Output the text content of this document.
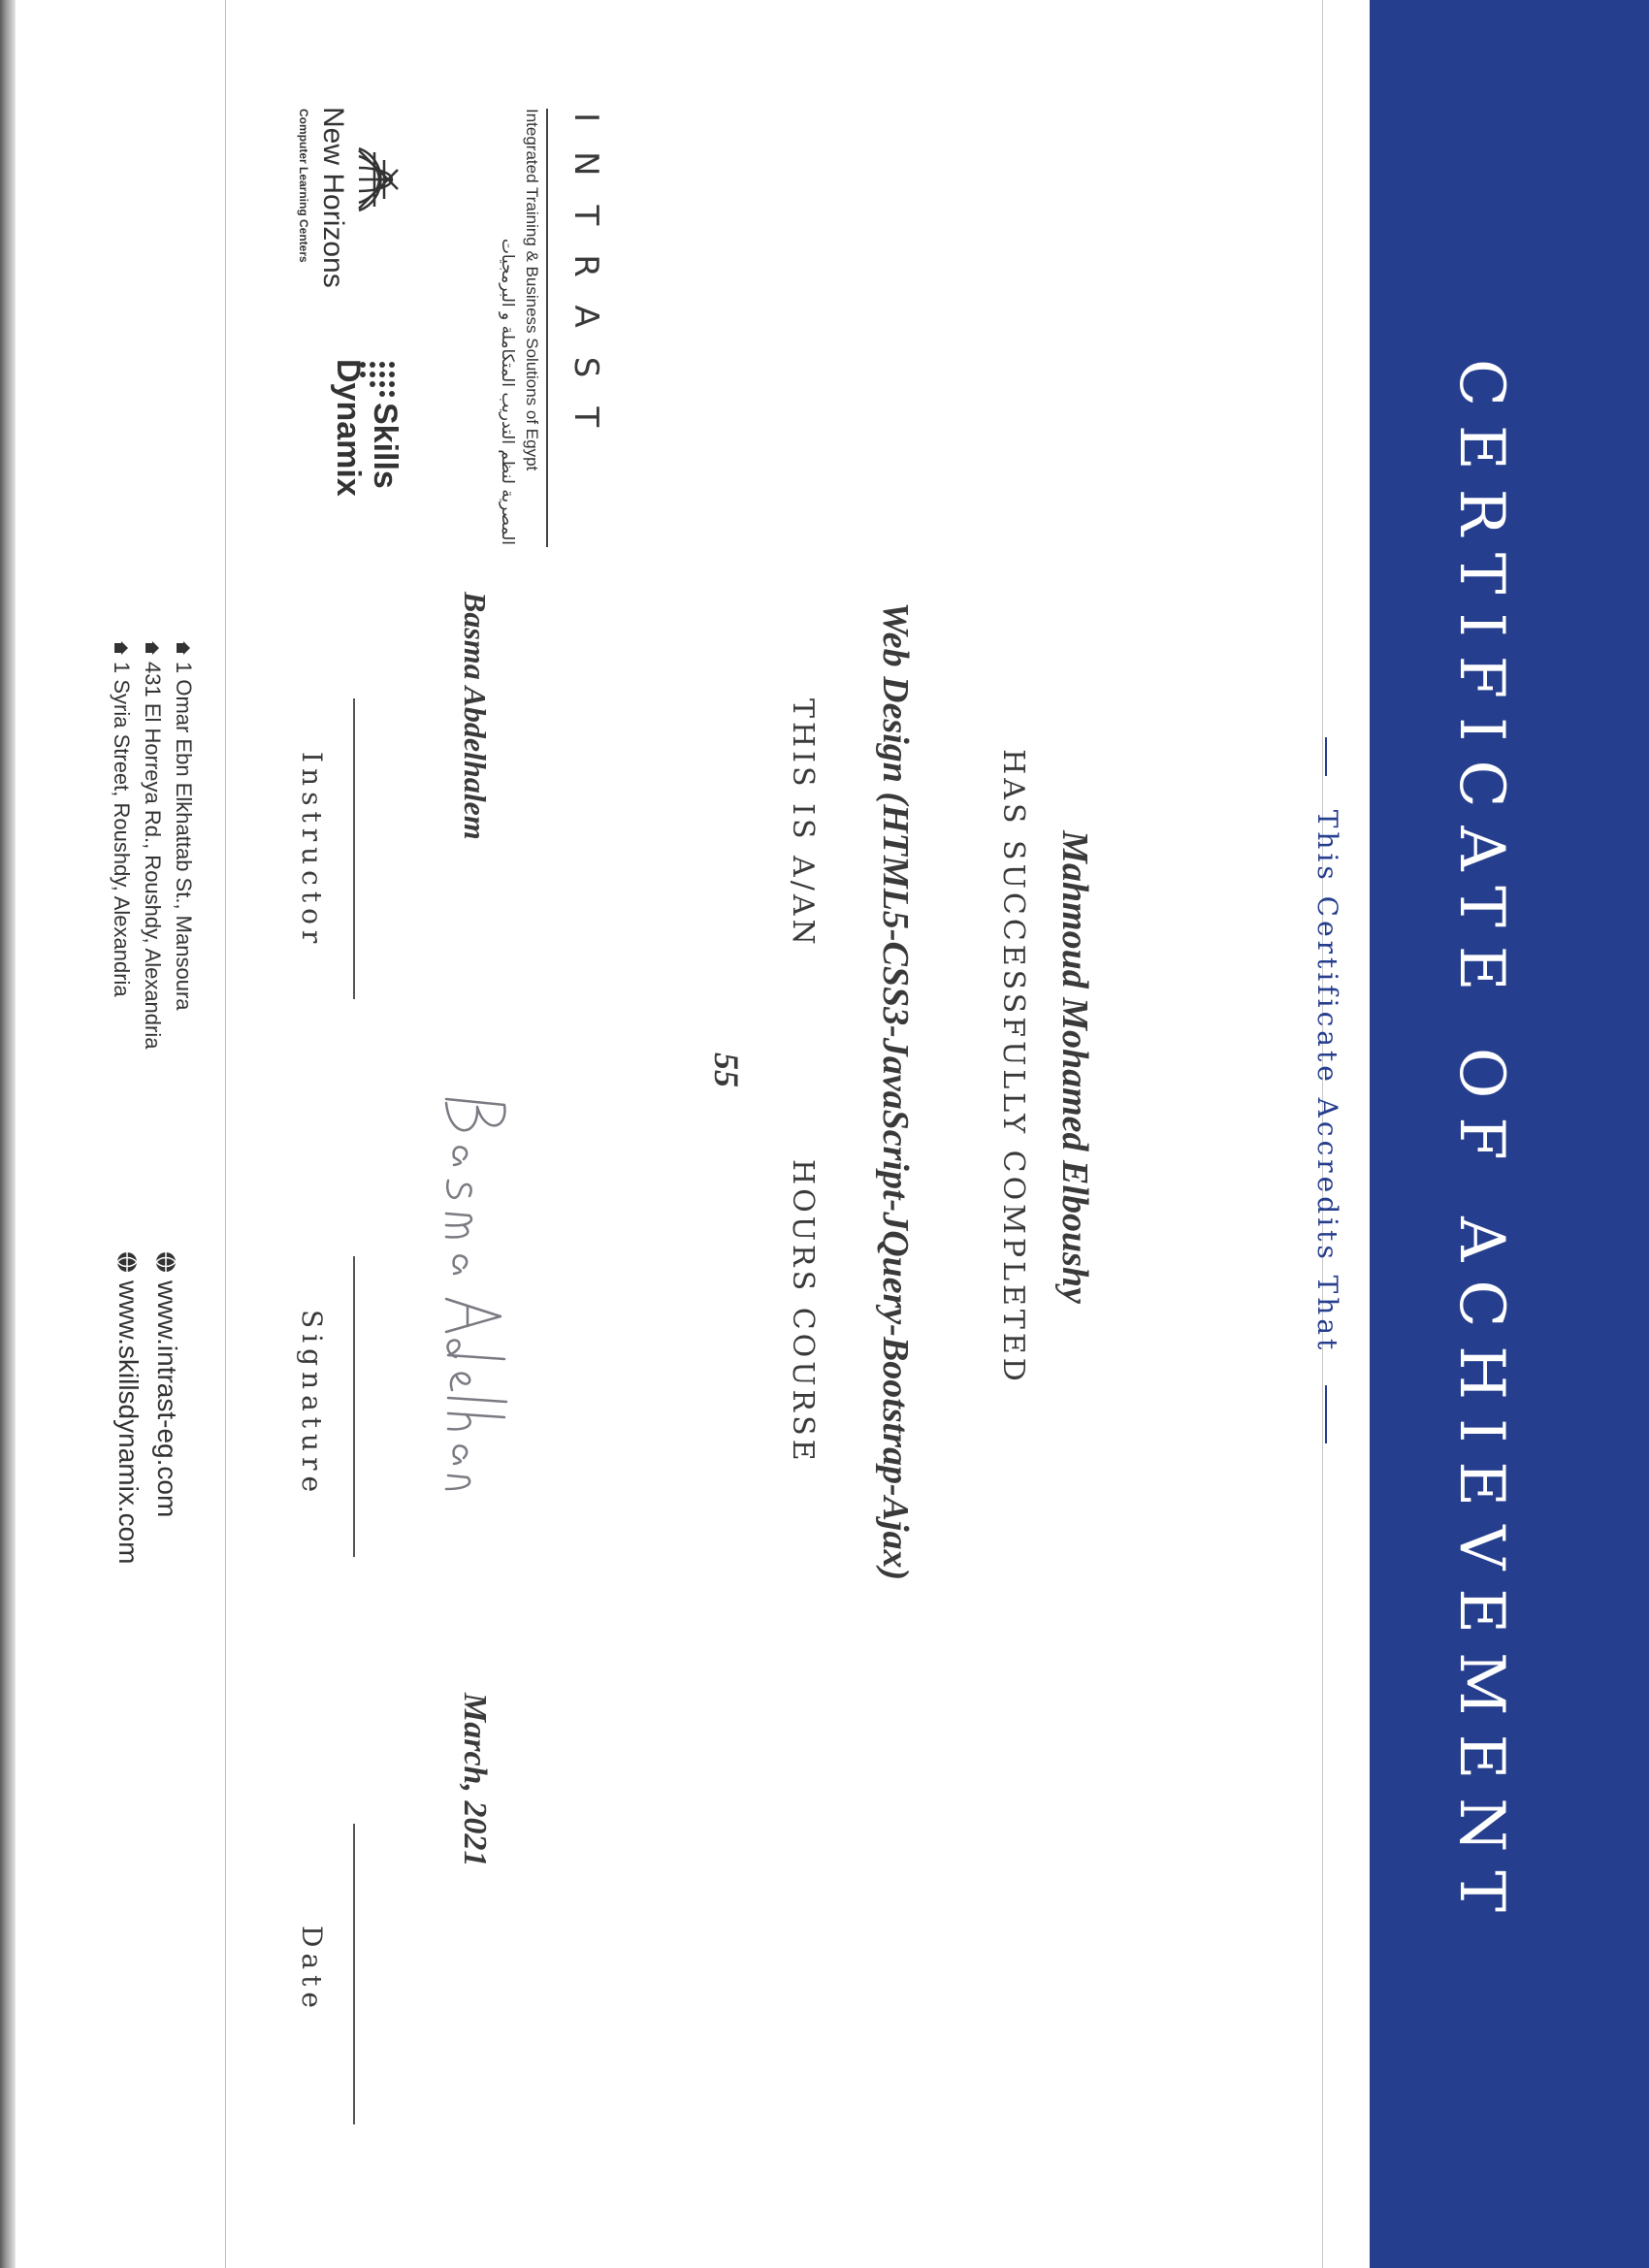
CERTIFICATE OF ACHIEVEMENT
This Certificate Accredits That
Mahmoud Mohamed Elboushy
HAS SUCCESSFULLY COMPLETED
Web Design (HTML5-CSS3-JavaScript-JQuery-Bootstrap-Ajax)
THIS IS A/AN
HOURS COURSE
55
Basma Abdelhalem
March, 2021
Instructor
Signature
Date
INTRAST
Integrated Training & Business Solutions of Egypt
المصرية لنظم التدريب المتكاملة و البرمجيات
New Horizons
Computer Learning Centers
Skills
Dynamix
1 Omar Ebn Elkhattab St., Mansoura
431 El Horreya Rd., Roushdy, Alexandria
1 Syria Street, Roushdy, Alexandria
www.intrast-eg.com
www.skillsdynamix.com
